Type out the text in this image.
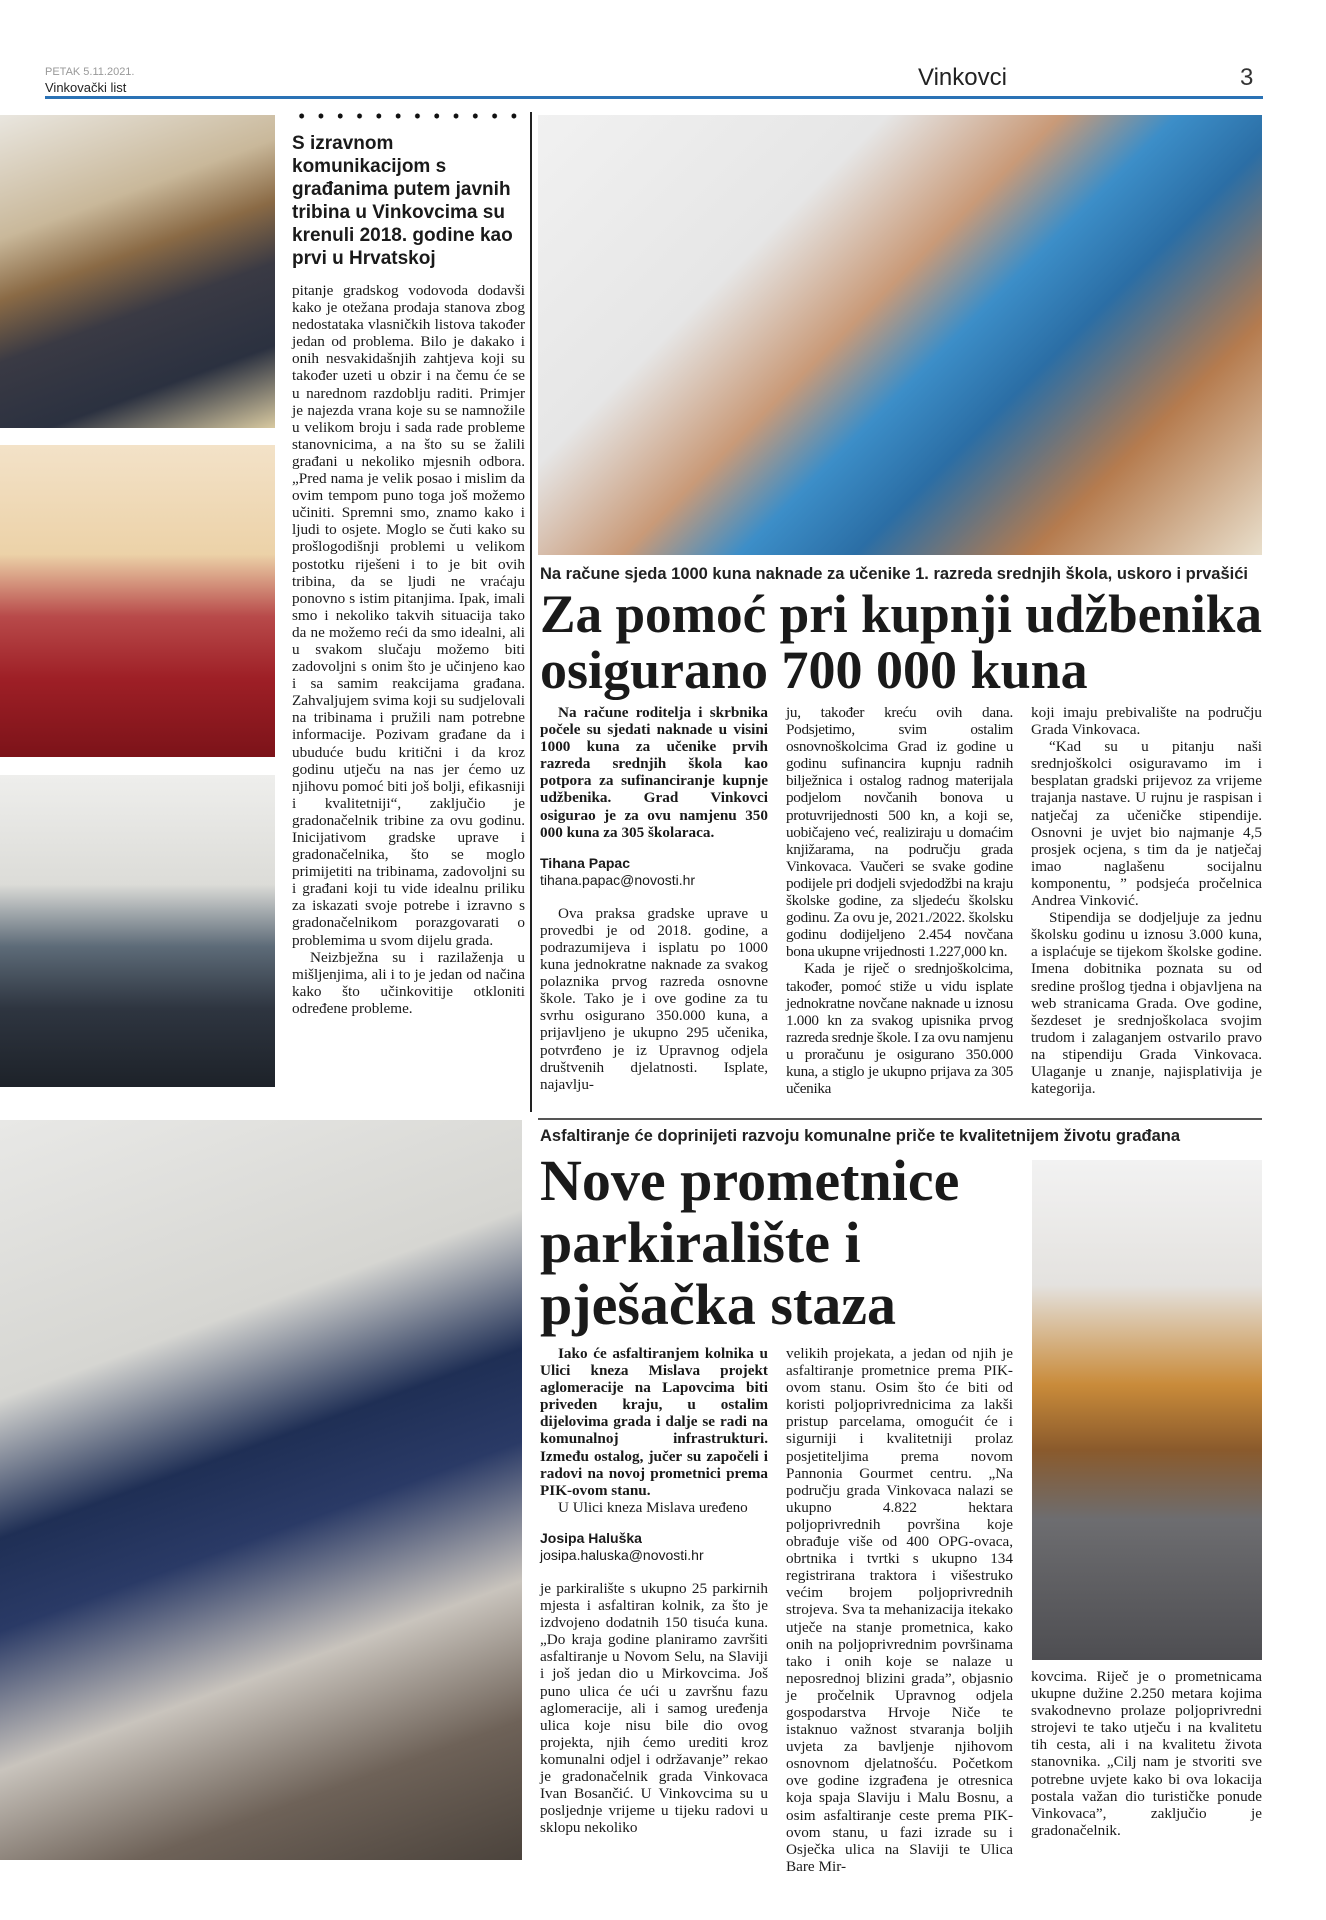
PETAK 5.11.2021.
Vinkovački list	Vinkovci	3
S izravnom komunikacijom s građanima putem javnih tribina u Vinkovcima su krenuli 2018. godine kao prvi u Hrvatskoj

pitanje gradskog vodovoda dodavši kako je otežana prodaja stanova zbog nedostataka vlasničkih listova također jedan od problema. Bilo je dakako i onih nesvakidašnjih zahtjeva koji su također uzeti u obzir i na čemu će se u narednom razdoblju raditi. Primjer je najezda vrana koje su se namnožile u velikom broju i sada rade probleme stanovnicima, a na što su se žalili građani u nekoliko mjesnih odbora. „Pred nama je velik posao i mislim da ovim tempom puno toga još možemo učiniti. Spremni smo, znamo kako i ljudi to osjete. Moglo se čuti kako su prošlogodišnji problemi u velikom postotku riješeni i to je bit ovih tribina, da se ljudi ne vraćaju ponovno s istim pitanjima. Ipak, imali smo i nekoliko takvih situacija tako da ne možemo reći da smo idealni, ali u svakom slučaju možemo biti zadovoljni s onim što je učinjeno kao i sa samim reakcijama građana. Zahvaljujem svima koji su sudjelovali na tribinama i pružili nam potrebne informacije. Pozivam građane da i ubuduće budu kritični i da kroz godinu utječu na nas jer ćemo uz njihovu pomoć biti još bolji, efikasniji i kvalitetniji“, zaključio je gradonačelnik tribine za ovu godinu. Inicijativom gradske uprave i gradonačelnika, što se moglo primijetiti na tribinama, zadovoljni su i građani koji tu vide idealnu priliku za iskazati svoje potrebe i izravno s gradonačelnikom porazgovarati o problemima u svom dijelu grada.

Neizbježna su i razilaženja u mišljenjima, ali i to je jedan od načina kako što učinkovitije otkloniti određene probleme.

Na račune sjeda 1000 kuna naknade za učenike 1. razreda srednjih škola, uskoro i prvašići
Za pomoć pri kupnji udžbenika
osigurano 700 000 kuna

Na račune roditelja i skrbnika počele su sjedati naknade u visini 1000 kuna za učenike prvih razreda srednjih škola kao potpora za sufinanciranje kupnje udžbenika. Grad Vinkovci osigurao je za ovu namjenu 350 000 kuna za 305 školaraca.

Tihana Papac
tihana.papac@novosti.hr

Ova praksa gradske uprave u provedbi je od 2018. godine, a podrazumijeva i isplatu po 1000 kuna jednokratne naknade za svakog polaznika prvog razreda osnovne škole. Tako je i ove godine za tu svrhu osigurano 350.000 kuna, a prijavljeno je ukupno 295 učenika, potvrđeno je iz Upravnog odjela društvenih djelatnosti. Isplate, najavlju-

ju, također kreću ovih dana. Podsjetimo, svim ostalim osnovnoškolcima Grad iz godine u godinu sufinancira kupnju radnih bilježnica i ostalog radnog materijala podjelom novčanih bonova u protuvrijednosti 500 kn, a koji se, uobičajeno već, realiziraju u domaćim knjižarama, na području grada Vinkovaca. Vaučeri se svake godine podijele pri dodjeli svjedodžbi na kraju školske godine, za sljedeću školsku godinu. Za ovu je, 2021./2022. školsku godinu dodijeljeno 2.454 novčana bona ukupne vrijednosti 1.227,000 kn.

Kada je riječ o srednjoškolcima, također, pomoć stiže u vidu isplate jednokratne novčane naknade u iznosu 1.000 kn za svakog upisnika prvog razreda srednje škole. I za ovu namjenu u proračunu je osigurano 350.000 kuna, a stiglo je ukupno prijava za 305 učenika

koji imaju prebivalište na području Grada Vinkovaca.

“Kad su u pitanju naši srednjoškolci osiguravamo im i besplatan gradski prijevoz za vrijeme trajanja nastave. U rujnu je raspisan i natječaj za učeničke stipendije. Osnovni je uvjet bio najmanje 4,5 prosjek ocjena, s tim da je natječaj imao naglašenu socijalnu komponentu, ” podsjeća pročelnica Andrea Vinković.

Stipendija se dodjeljuje za jednu školsku godinu u iznosu 3.000 kuna, a isplaćuje se tijekom školske godine. Imena dobitnika poznata su od sredine prošlog tjedna i objavljena na web stranicama Grada. Ove godine, šezdeset je srednjoškolaca svojim trudom i zalaganjem ostvarilo pravo na stipendiju Grada Vinkovaca. Ulaganje u znanje, najisplativija je kategorija.

Asfaltiranje će doprinijeti razvoju komunalne priče te kvalitetnijem životu građana
Nove prometnice
parkiralište i
pješačka staza

Iako će asfaltiranjem kolnika u Ulici kneza Mislava projekt aglomeracije na Lapovcima biti priveden kraju, u ostalim dijelovima grada i dalje se radi na komunalnoj infrastrukturi. Između ostalog, jučer su započeli i radovi na novoj prometnici prema PIK-ovom stanu.

U Ulici kneza Mislava uređeno

Josipa Haluška
josipa.haluska@novosti.hr

je parkiralište s ukupno 25 parkirnih mjesta i asfaltiran kolnik, za što je izdvojeno dodatnih 150 tisuća kuna. „Do kraja godine planiramo završiti asfaltiranje u Novom Selu, na Slaviji i još jedan dio u Mirkovcima. Još puno ulica će ući u završnu fazu aglomeracije, ali i samog uređenja ulica koje nisu bile dio ovog projekta, njih ćemo urediti kroz komunalni odjel i održavanje” rekao je gradonačelnik grada Vinkovaca Ivan Bosančić. U Vinkovcima su u posljednje vrijeme u tijeku radovi u sklopu nekoliko

velikih projekata, a jedan od njih je asfaltiranje prometnice prema PIK-ovom stanu. Osim što će biti od koristi poljoprivrednicima za lakši pristup parcelama, omogućit će i sigurniji i kvalitetniji prolaz posjetiteljima prema novom Pannonia Gourmet centru. „Na području grada Vinkovaca nalazi se ukupno 4.822 hektara poljoprivrednih površina koje obrađuje više od 400 OPG-ovaca, obrtnika i tvrtki s ukupno 134 registrirana traktora i višestruko većim brojem poljoprivrednih strojeva. Sva ta mehanizacija itekako utječe na stanje prometnica, kako onih na poljoprivrednim površinama tako i onih koje se nalaze u neposrednoj blizini grada”, objasnio je pročelnik Upravnog odjela gospodarstva Hrvoje Niče te istaknuo važnost stvaranja boljih uvjeta za bavljenje njihovom osnovnom djelatnošću. Početkom ove godine izgrađena je otresnica koja spaja Slaviju i Malu Bosnu, a osim asfaltiranje ceste prema PIK-ovom stanu, u fazi izrade su i Osječka ulica na Slaviji te Ulica Bare Mir-

kovcima. Riječ je o prometnicama ukupne dužine 2.250 metara kojima svakodnevno prolaze poljoprivredni strojevi te tako utječu i na kvalitetu tih cesta, ali i na kvalitetu života stanovnika. „Cilj nam je stvoriti sve potrebne uvjete kako bi ova lokacija postala važan dio turističke ponude Vinkovaca”, zaključio je gradonačelnik.
